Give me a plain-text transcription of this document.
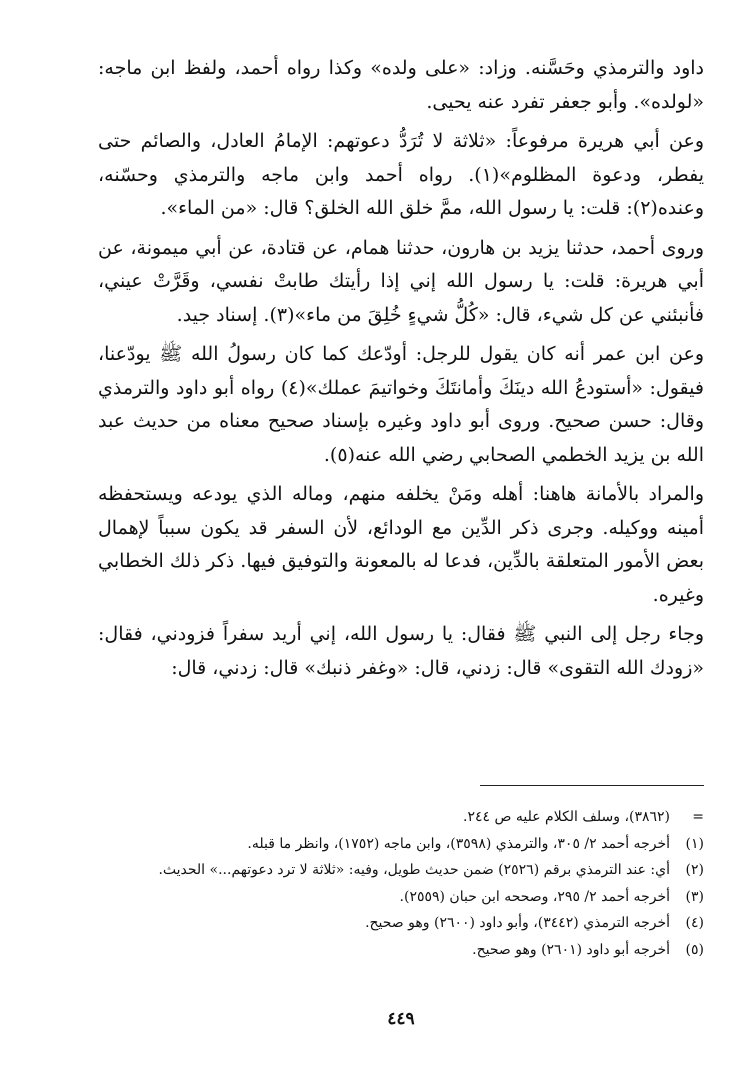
داود والترمذي وحَسَّنه. وزاد: «على ولده» وكذا رواه أحمد، ولفظ ابن ماجه: «لولده». وأبو جعفر تفرد عنه يحيى.

وعن أبي هريرة مرفوعاً: «ثلاثة لا تُرَدُّ دعوتهم: الإمامُ العادل، والصائم حتى يفطر، ودعوة المظلوم»(١). رواه أحمد وابن ماجه والترمذي وحسّنه، وعنده(٢): قلت: يا رسول الله، ممَّ خلق الله الخلق؟ قال: «من الماء».

وروى أحمد، حدثنا يزيد بن هارون، حدثنا همام، عن قتادة، عن أبي ميمونة، عن أبي هريرة: قلت: يا رسول الله إني إذا رأيتك طابتْ نفسي، وقَرَّتْ عيني، فأنبئني عن كل شيء، قال: «كُلُّ شيءٍ خُلِقَ من ماء»(٣). إسناد جيد.

وعن ابن عمر أنه كان يقول للرجل: أودّعك كما كان رسولُ الله ﷺ يودّعنا، فيقول: «أستودعُ الله دينَكَ وأمانتَكَ وخواتيمَ عملك»(٤) رواه أبو داود والترمذي وقال: حسن صحيح. وروى أبو داود وغيره بإسناد صحيح معناه من حديث عبد الله بن يزيد الخطمي الصحابي رضي الله عنه(٥).

والمراد بالأمانة هاهنا: أهله ومَنْ يخلفه منهم، وماله الذي يودعه ويستحفظه أمينه ووكيله. وجرى ذكر الدِّين مع الودائع، لأن السفر قد يكون سبباً لإهمال بعض الأمور المتعلقة بالدِّين، فدعا له بالمعونة والتوفيق فيها. ذكر ذلك الخطابي وغيره.

وجاء رجل إلى النبي ﷺ فقال: يا رسول الله، إني أريد سفراً فزودني، فقال: «زودك الله التقوى» قال: زدني، قال: «وغفر ذنبك» قال: زدني، قال:

=
(٣٨٦٢)، وسلف الكلام عليه ص ٢٤٤.
(١)
أخرجه أحمد ٢/ ٣٠٥، والترمذي (٣٥٩٨)، وابن ماجه (١٧٥٢)، وانظر ما قبله.
(٢)
أي: عند الترمذي برقم (٢٥٢٦) ضمن حديث طويل، وفيه: «ثلاثة لا ترد دعوتهم...» الحديث.
(٣)
أخرجه أحمد ٢/ ٢٩٥، وصححه ابن حبان (٢٥٥٩).
(٤)
أخرجه الترمذي (٣٤٤٢)، وأبو داود (٢٦٠٠) وهو صحيح.
(٥)
أخرجه أبو داود (٢٦٠١) وهو صحيح.
٤٤٩
